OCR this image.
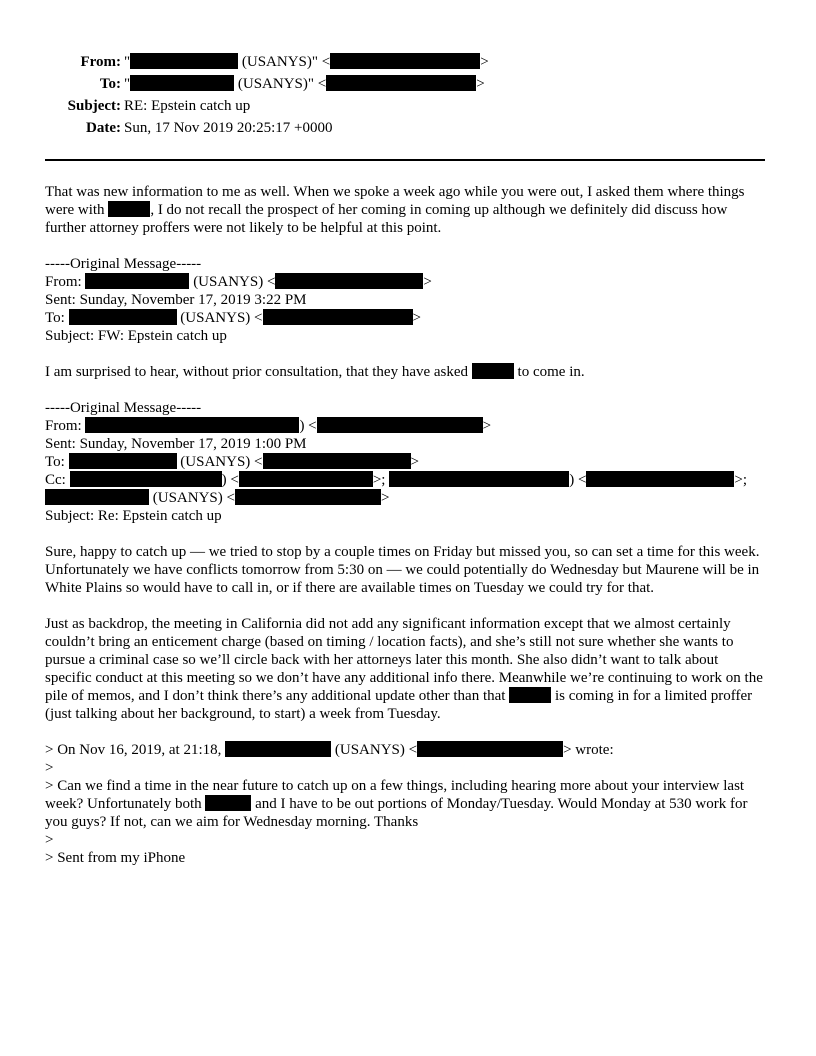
From: "	(USANYS)" <	>
To: "	(USANYS)" <	>
Subject: RE: Epstein catch up
Date: Sun, 17 Nov 2019 20:25:17 +0000

That was new information to me as well. When we spoke a week ago while you were out, I asked them where things were with	, I do not recall the prospect of her coming in coming up although we definitely did discuss how further attorney proffers were not likely to be helpful at this point.

-----Original Message-----

From:	(USANYS) <	>

Sent: Sunday, November 17, 2019 3:22 PM

To:	(USANYS) <	>

Subject: FW: Epstein catch up

I am surprised to hear, without prior consultation, that they have asked	to come in.

-----Original Message-----

From:	) <	>

Sent: Sunday, November 17, 2019 1:00 PM

To:	(USANYS) <	>

Cc:	) <	>;	) <	>;

(USANYS) <	>

Subject: Re: Epstein catch up

Sure, happy to catch up — we tried to stop by a couple times on Friday but missed you, so can set a time for this week. Unfortunately we have conflicts tomorrow from 5:30 on — we could potentially do Wednesday but Maurene will be in White Plains so would have to call in, or if there are available times on Tuesday we could try for that.

Just as backdrop, the meeting in California did not add any significant information except that we almost certainly couldn’t bring an enticement charge (based on timing / location facts), and she’s still not sure whether she wants to pursue a criminal case so we’ll circle back with her attorneys later this month. She also didn’t want to talk about specific conduct at this meeting so we don’t have any additional info there. Meanwhile we’re continuing to work on the pile of memos, and I don’t think there’s any additional update other than that	is coming in for a limited proffer (just talking about her background, to start) a week from Tuesday.

> On Nov 16, 2019, at 21:18,	(USANYS) <	> wrote:

>

> Can we find a time in the near future to catch up on a few things, including hearing more about your interview last week? Unfortunately both	and I have to be out portions of Monday/Tuesday. Would Monday at 530 work for you guys? If not, can we aim for Wednesday morning. Thanks

>

> Sent from my iPhone
